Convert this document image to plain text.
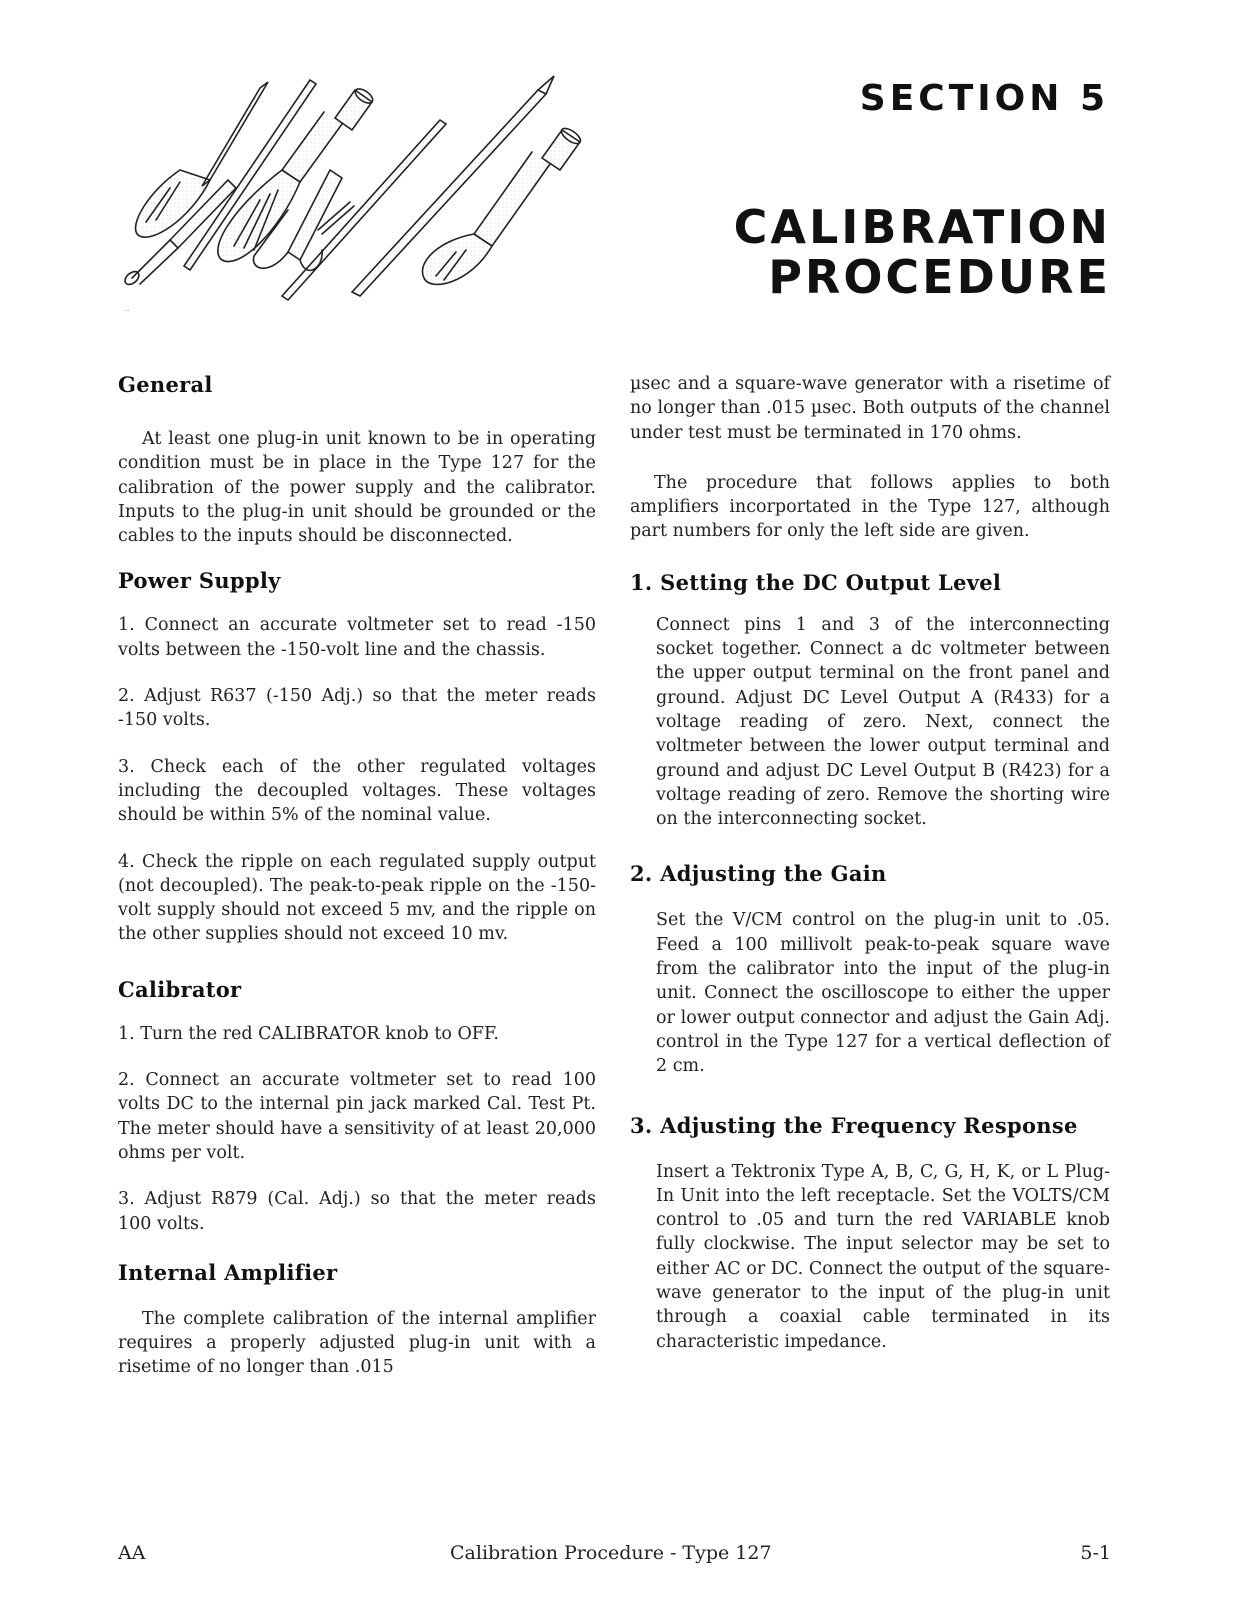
···
SECTION 5
CALIBRATION
PROCEDURE
General

At least one plug-in unit known to be in operating condition must be in place in the Type 127 for the calibration of the power supply and the calibrator. Inputs to the plug-in unit should be grounded or the cables to the inputs should be disconnected.

Power Supply

1. Connect an accurate voltmeter set to read -150 volts between the -150-volt line and the chassis.

2. Adjust R637 (-150 Adj.) so that the meter reads -150 volts.

3. Check each of the other regulated voltages including the decoupled voltages. These voltages should be within 5% of the nominal value.

4. Check the ripple on each regulated supply output (not decoupled). The peak-to-peak ripple on the -150-volt supply should not exceed 5 mv, and the ripple on the other supplies should not exceed 10 mv.

Calibrator

1. Turn the red CALIBRATOR knob to OFF.

2. Connect an accurate voltmeter set to read 100 volts DC to the internal pin jack marked Cal. Test Pt. The meter should have a sensitivity of at least 20,000 ohms per volt.

3. Adjust R879 (Cal. Adj.) so that the meter reads 100 volts.

Internal Amplifier

The complete calibration of the internal amplifier requires a properly adjusted plug-in unit with a risetime of no longer than .015

µsec and a square-wave generator with a risetime of no longer than .015 µsec. Both outputs of the channel under test must be terminated in 170 ohms.

The procedure that follows applies to both amplifiers incorportated in the Type 127, although part numbers for only the left side are given.

1. Setting the DC Output Level

Connect pins 1 and 3 of the interconnecting socket together. Connect a dc voltmeter between the upper output terminal on the front panel and ground. Adjust DC Level Output A (R433) for a voltage reading of zero. Next, connect the voltmeter between the lower output terminal and ground and adjust DC Level Output B (R423) for a voltage reading of zero. Remove the shorting wire on the interconnecting socket.

2. Adjusting the Gain

Set the V/CM control on the plug-in unit to .05. Feed a 100 millivolt peak-to-peak square wave from the calibrator into the input of the plug-in unit. Connect the oscilloscope to either the upper or lower output connector and adjust the Gain Adj. control in the Type 127 for a vertical deflection of 2 cm.

3. Adjusting the Frequency Response

Insert a Tektronix Type A, B, C, G, H, K, or L Plug-In Unit into the left receptacle. Set the VOLTS/CM control to .05 and turn the red VARIABLE knob fully clockwise. The input selector may be set to either AC or DC. Connect the output of the square-wave generator to the input of the plug-in unit through a coaxial cable terminated in its characteristic impedance.

AA	Calibration Procedure - Type 127	5-1
